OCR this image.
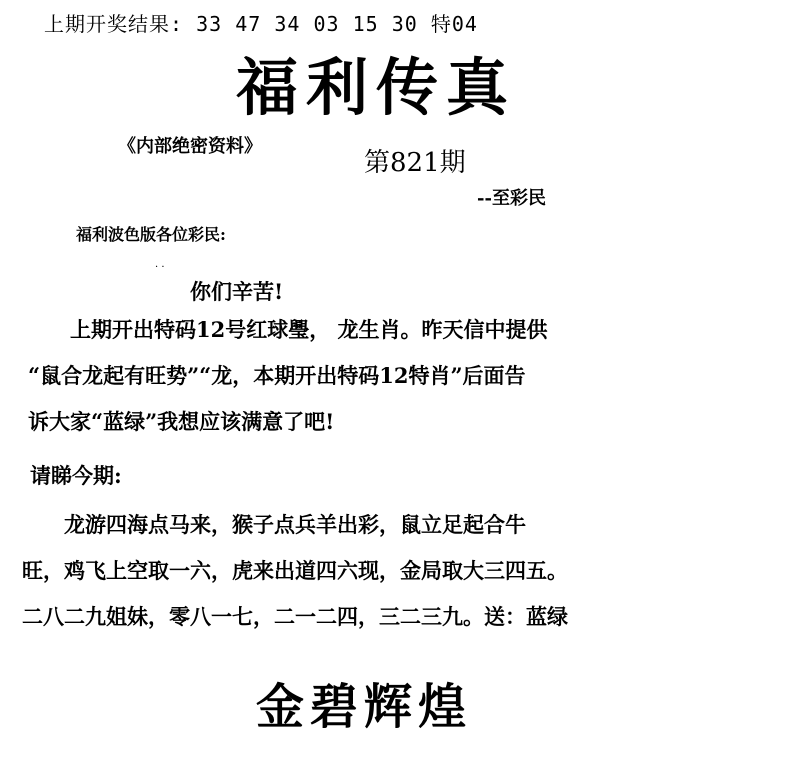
上期开奖结果: 33 47 34 03 15 30 特04
福利传真
《内部绝密资料》
第821期
--至彩民
福利波色版各位彩民:
· ·
你们辛苦!
　　上期开出特码12号红球璺， 龙生肖。昨天信中提供
“鼠合龙起有旺势”“龙，本期开出特码12特肖”后面告
诉大家“蓝绿”我想应该满意了吧!
请睇今期:
　　龙游四海点马来，猴子点兵羊出彩，鼠立足起合牛
旺，鸡飞上空取一六，虎来出道四六现，金局取大三四五。
二八二九姐妹，零八一七，二一二四，三二三九。送：蓝绿
金碧辉煌
